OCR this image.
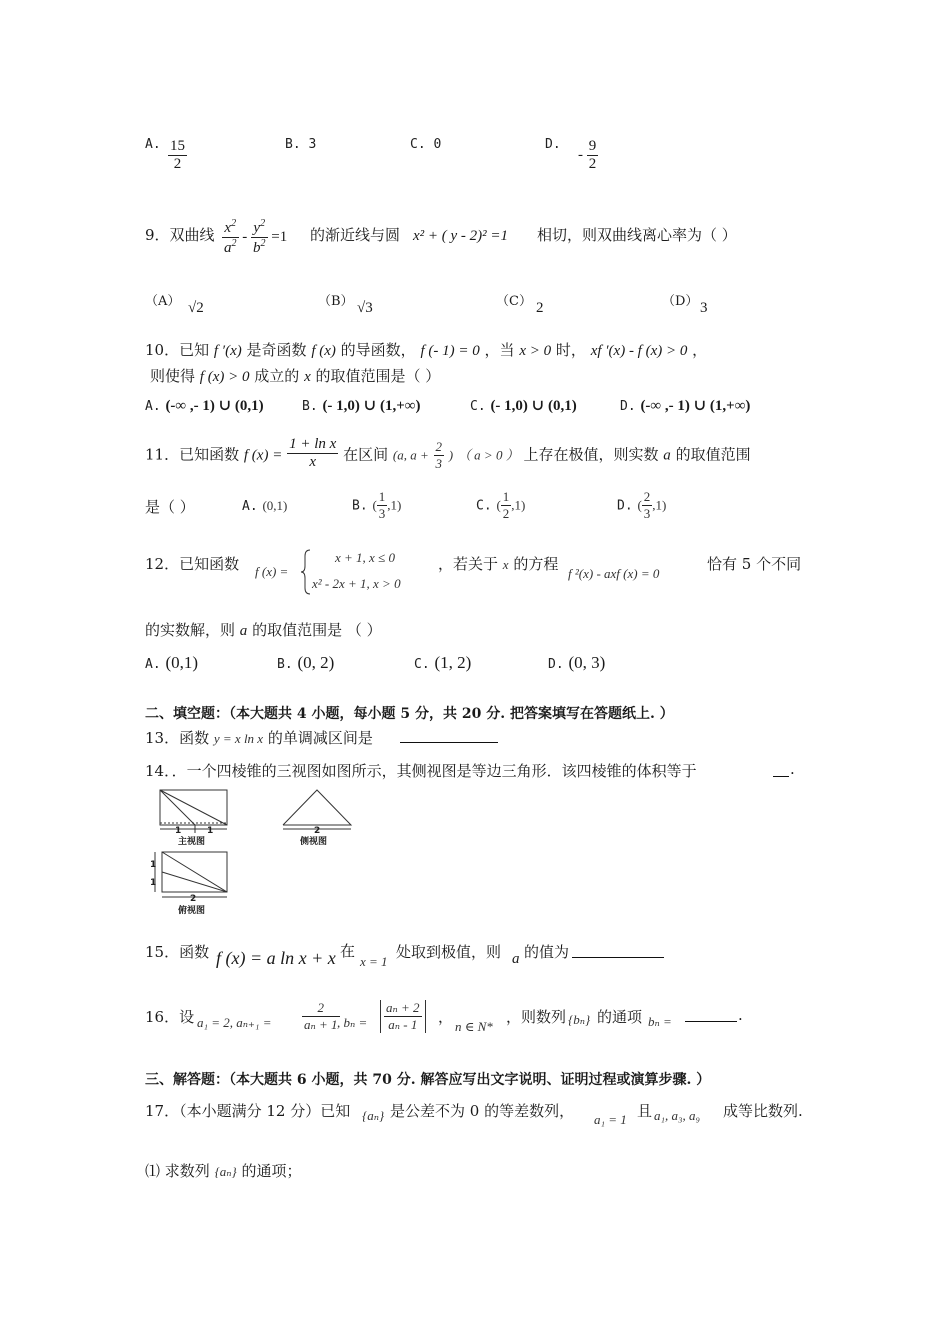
A. $\frac{15}{2}$	B. 3	C. 0	D.
- $\frac{9}{2}$
9．双曲线 $\frac{x^2}{a^2} - \frac{y^2}{b^2} =1$ 的渐近线与圆 x² + ( y - 2)² =1 相切，则双曲线离心率为（ ）
（A） √2	（B） √3	（C） 2	（D） 3
10．已知 f ′(x) 是奇函数 f (x) 的导函数， f (- 1) = 0 ，当 x > 0 时， xf ′(x) - f (x) > 0 ，
则使得 f (x) > 0 成立的 x 的取值范围是（ ）
A. (-∞ ,- 1) ∪ (0,1)	B. (- 1,0) ∪ (1,+∞)	C. (- 1,0) ∪ (0,1)	D. (-∞ ,- 1) ∪ (1,+∞)
11．已知函数 f $(x) = \frac{\text{1 + ln x}}{x}$ 在区间 (a, $a + \frac{2}{3}$ ) （ a > 0 ） 上存在极值，则实数 a 的取值范围
是（ ）	A. (0,1)	B. ( $\frac{1}{3} ,1$)	C. ( $\frac{1}{2} ,1$)	D. ( $\frac{2}{3} ,1$)
12．已知函数 f (x) =
x + 1, x ≤ 0
x² - 2x + 1, x > 0
，若关于 x 的方程
f ²(x) - axf (x) = 0
恰有 5 个不同
的实数解，则 a 的取值范围是 （ ）
A. (0,1)	B. (0, 2)	C. (1, 2)	D. (0, 3)
二、填空题：（本大题共 4 小题，每小题 5 分，共 20 分. 把答案填写在答题纸上. ）
13．函数 y = x ln x 的单调减区间是
14．．一个四棱锥的三视图如图所示，其侧视图是等边三角形．该四棱锥的体积等于	.
1	1
主视图
2
侧视图
1
1
2
俯视图
15．函数 f (x) = a ln x + x 在
x = 1
处取到极值，则 a 的值为
16．设 a₁ = 2, $a_{n+1} = \frac{2}{\text{aₙ + 1}}$
, $b_n = \frac{\text{aₙ + 2}}{\text{aₙ - 1}}$ ，
n ∈ N*
，则数列 {bₙ} 的通项 bₙ =	.
三、解答题：（本大题共 6 小题，共 70 分. 解答应写出文字说明、证明过程或演算步骤. ）
17．（本小题满分 12 分）已知 {aₙ} 是公差不为 0 的等差数列， a₁ = 1 且 a₁, a₃, a₉ 成等比数列.
⑴ 求数列 {aₙ} 的通项；
